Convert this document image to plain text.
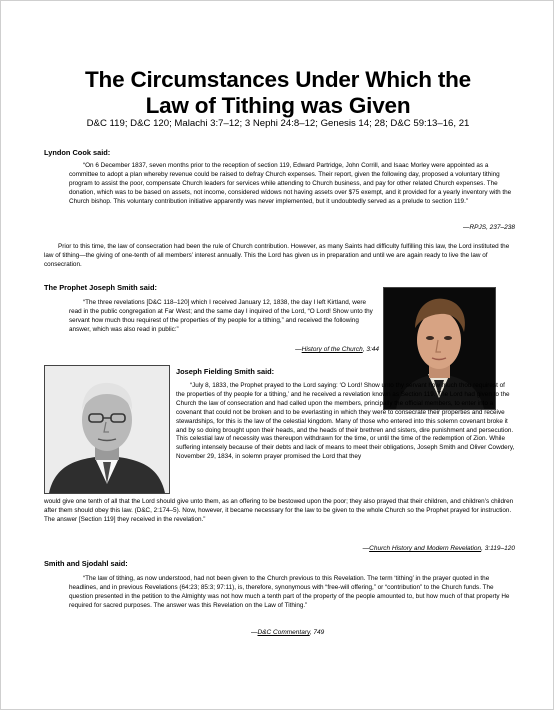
The Circumstances Under Which the
Law of Tithing was Given
D&C 119; D&C 120; Malachi 3:7–12; 3 Nephi 24:8–12; Genesis 14; 28; D&C 59:13–16, 21
Lyndon Cook said:

“On 6 December 1837, seven months prior to the reception of section 119, Edward Partridge, John Corrill, and Isaac Morley were appointed as a committee to adopt a plan whereby revenue could be raised to defray Church expenses. Their report, given the following day, proposed a voluntary tithing program to assist the poor, compensate Church leaders for services while attending to Church business, and pay for other related Church expenses. The donation, which was to be based on assets, not income, considered widows not having assets over $75 exempt, and it provided for a yearly inventory with the Church bishop. This voluntary contribution initiative apparently was never implemented, but it undoubtedly served as a prelude to section 119.”

—RPJS, 237–238

Prior to this time, the law of consecration had been the rule of Church contribution. However, as many Saints had difficulty fulfilling this law, the Lord instituted the law of tithing—the giving of one-tenth of all members’ interest annually. This the Lord has given us in preparation and until we are again ready to live the law of consecration.

The Prophet Joseph Smith said:

“The three revelations [D&C 118–120] which I received January 12, 1838, the day I left Kirtland, were read in the public congregation at Far West; and the same day I inquired of the Lord, “O Lord! Show unto thy servant how much thou requirest of the properties of thy people for a tithing,” and received the following answer, which was also read in public:”

—History of the Church, 3:44
Joseph Fielding Smith said:

“July 8, 1833, the Prophet prayed to the Lord saying: ‘O Lord! Show unto thy servant how much thou requirest of the properties of thy people for a tithing,’ and he received a revelation known as Section 119. The Lord had given to the Church the law of consecration and had called upon the members, principally the official members, to enter into a covenant that could not be broken and to be everlasting in which they were to consecrate their properties and receive stewardships, for this is the law of the celestial kingdom. Many of those who entered into this solemn covenant broke it and by so doing brought upon their heads, and the heads of their brethren and sisters, dire punishment and persecution. This celestial law of necessity was thereupon withdrawn for the time, or until the time of the redemption of Zion. While suffering intensely because of their debts and lack of means to meet their obligations, Joseph Smith and Oliver Cowdery, November 29, 1834, in solemn prayer promised the Lord that they

would give one tenth of all that the Lord should give unto them, as an offering to be bestowed upon the poor; they also prayed that their children, and children’s children after them should obey this law. (D&C, 2:174–5). Now, however, it became necessary for the law to be given to the whole Church so the Prophet prayed for instruction. The answer [Section 119] they received in the revelation.”

—Church History and Modern Revelation, 3:119–120
Smith and Sjodahl said:

“The law of tithing, as now understood, had not been given to the Church previous to this Revelation. The term ‘tithing’ in the prayer quoted in the headlines, and in previous Revelations (64:23; 85:3; 97:11), is, therefore, synonymous with “free-will offering,” or “contribution” to the Church funds. The question presented in the petition to the Almighty was not how much a tenth part of the property of the people amounted to, but how much of that property He required for sacred purposes. The answer was this Revelation on the Law of Tithing.”

—D&C Commentary, 749
